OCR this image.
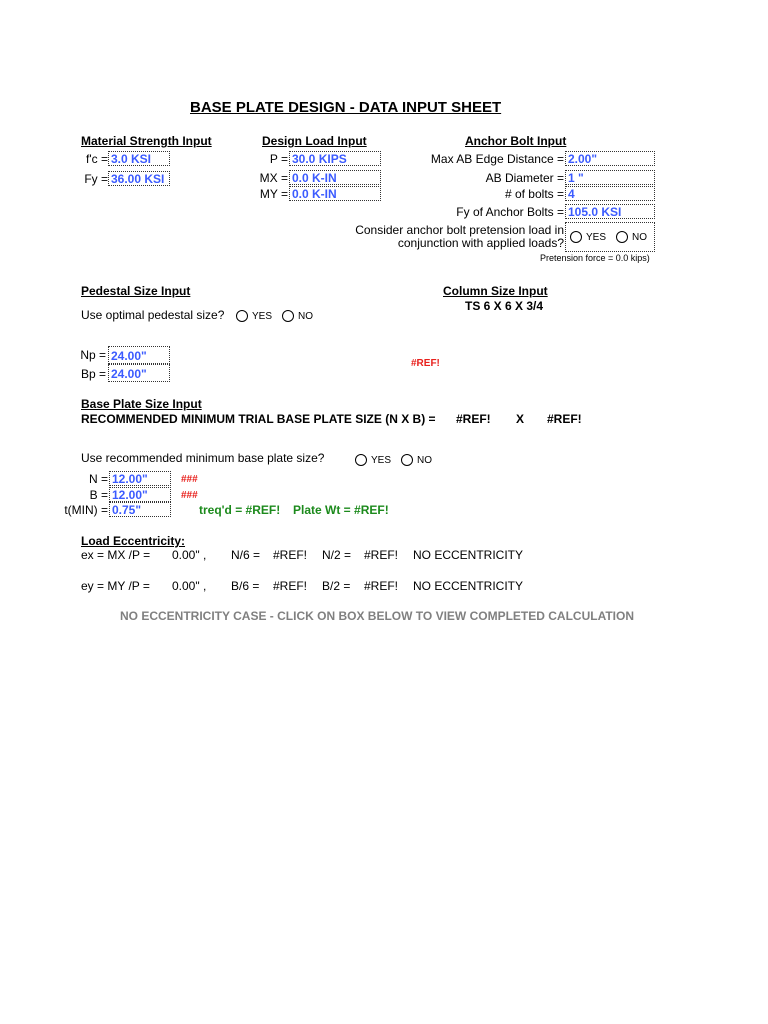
BASE PLATE DESIGN - DATA INPUT SHEET
Material Strength Input
f'c = 3.0 KSI
Fy = 36.00 KSI
Design Load Input
P = 30.0 KIPS
MX = 0.0 K-IN
MY = 0.0 K-IN
Anchor Bolt Input
Max AB Edge Distance = 2.00"
AB Diameter = 1 "
# of bolts = 4
Fy of Anchor Bolts = 105.0 KSI
Consider anchor bolt pretension load in
conjunction with applied loads? YES	NO
Pretension force = 0.0 kips)
Pedestal Size Input
Use optimal pedestal size?	YES	NO
Np = 24.00"
Bp = 24.00"
#REF!
Column Size Input
TS 6 X 6 X 3/4
Base Plate Size Input
RECOMMENDED MINIMUM TRIAL BASE PLATE SIZE (N X B) = #REF! X #REF!
Use recommended minimum base plate size?	YES	NO
N = 12.00"	###
B = 12.00"	###
t(MIN) = 0.75"	treq'd = #REF! Plate Wt = #REF!
Load Eccentricity:
ex = MX /P = 0.00" , N/6 = #REF! N/2 = #REF! NO ECCENTRICITY
ey = MY /P = 0.00" , B/6 = #REF! B/2 = #REF! NO ECCENTRICITY
NO ECCENTRICITY CASE - CLICK ON BOX BELOW TO VIEW COMPLETED CALCULATION
